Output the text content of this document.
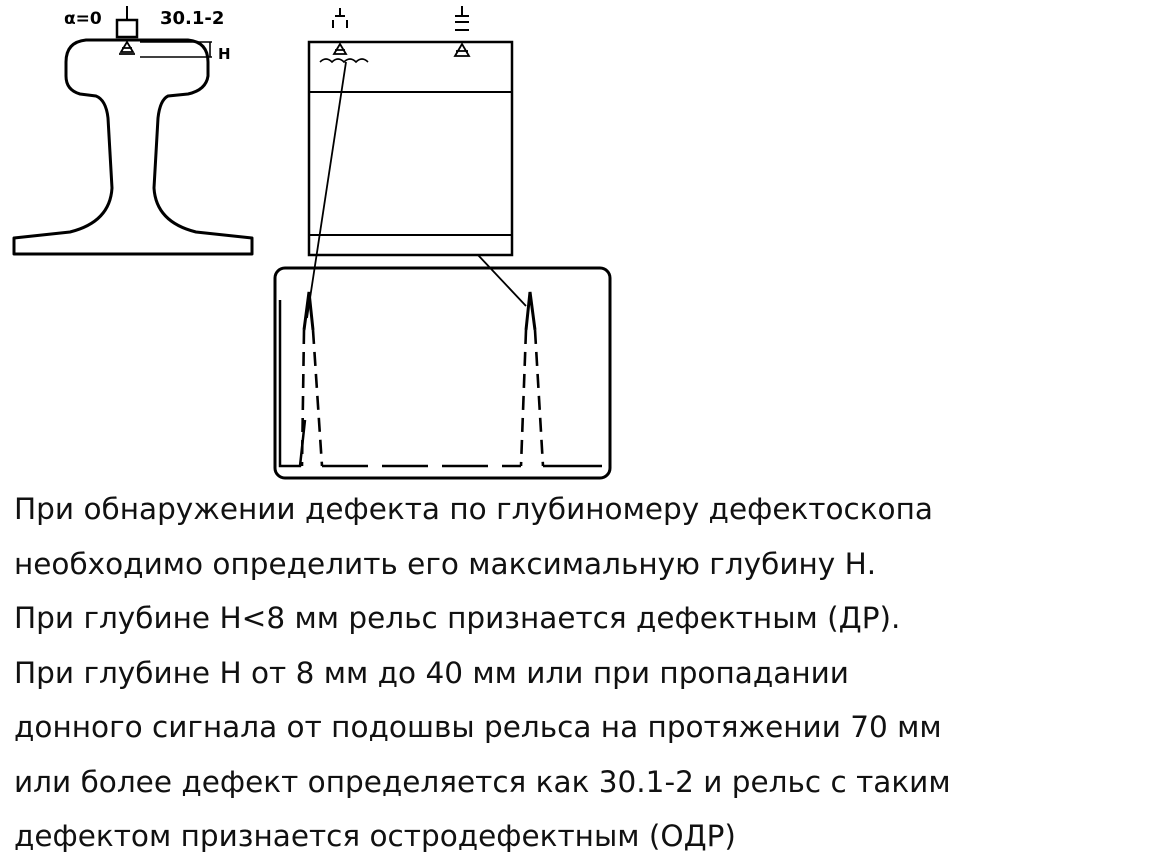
α=0	30.1-2
H
При обнаружении дефекта по глубиномеру дефектоскопа
необходимо определить его максимальную глубину Н.
При глубине Н<8 мм рельс признается дефектным (ДР).
При глубине Н от 8 мм до 40 мм или при пропадании
донного сигнала от подошвы рельса на протяжении 70 мм
или более дефект определяется как 30.1-2 и рельс с таким
дефектом признается остродефектным (ОДР)
